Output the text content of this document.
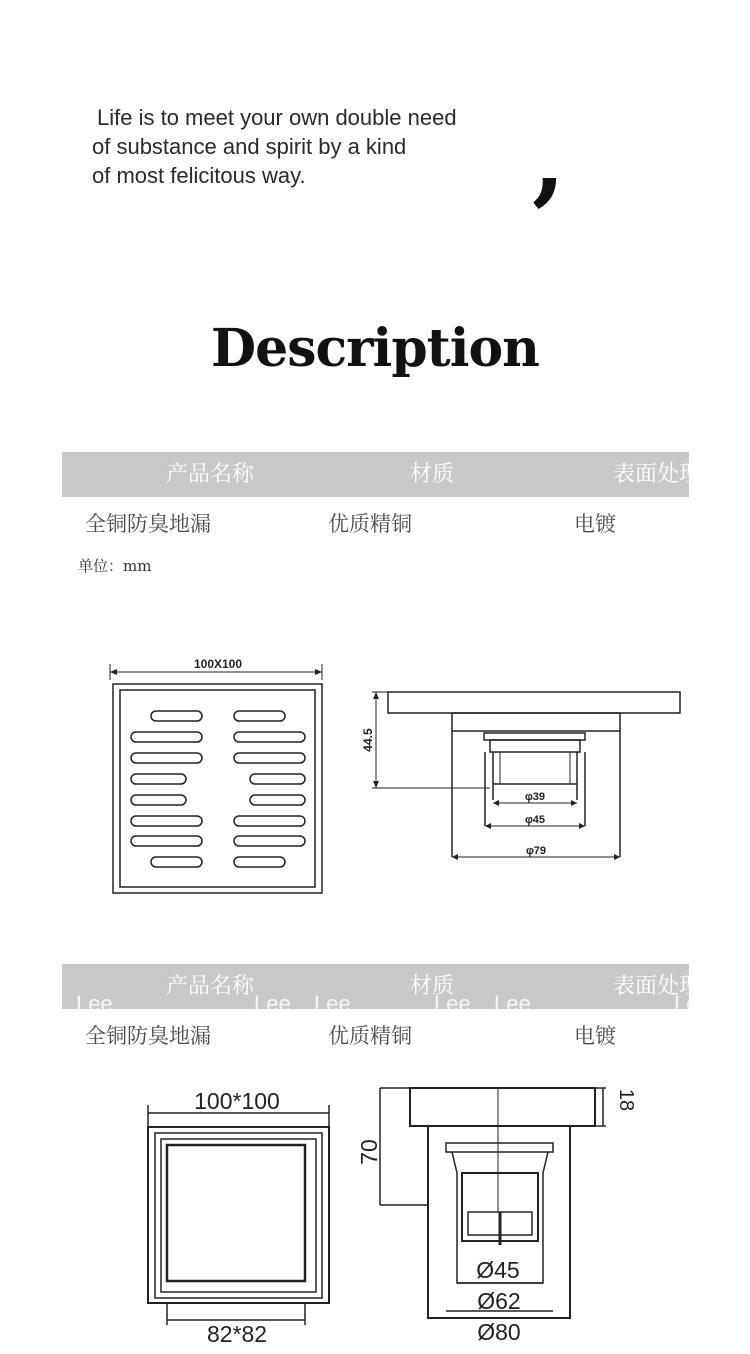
Life is to meet your own double need
of substance and spirit by a kind
of most felicitous way.	,
Description
产品名称	材质	表面处理
全铜防臭地漏	优质精铜	电镀
单位：mm
100X100
44.5
φ39
φ45
φ79
Lee	Lee Lee	Lee Lee	Lee
产品名称	材质	表面处理
全铜防臭地漏	优质精铜	电镀
100*100
82*82
70
18
Ø45
Ø62
Ø80
